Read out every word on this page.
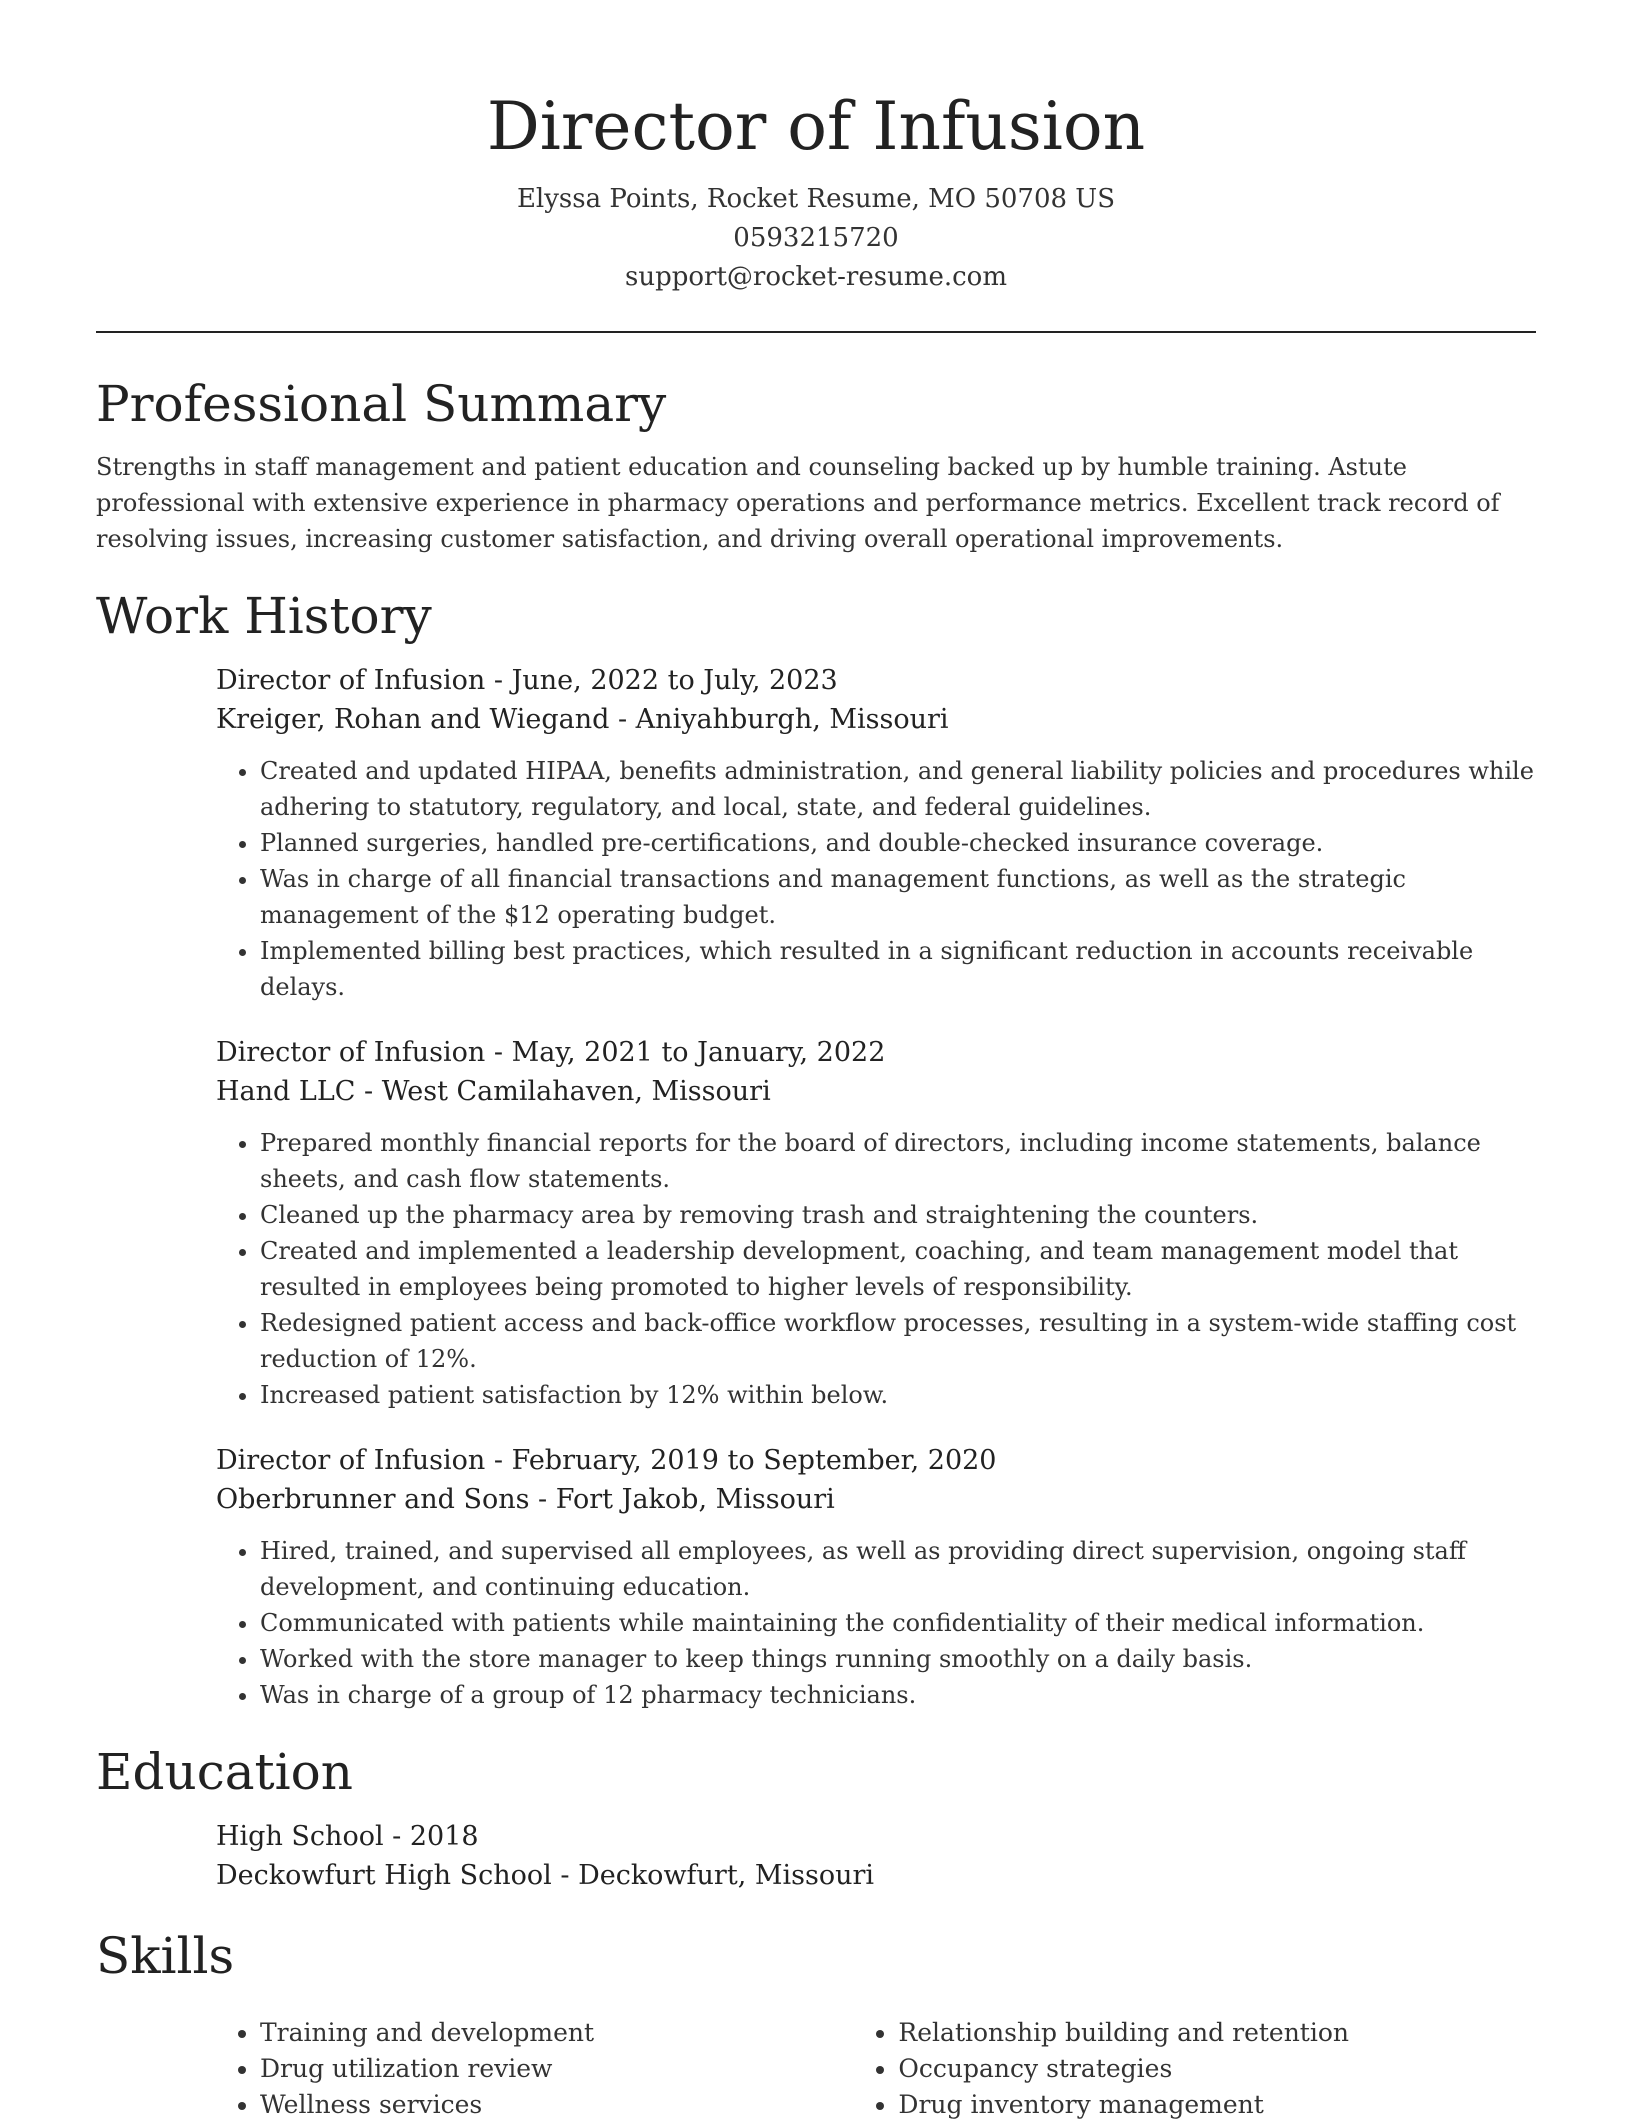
Director of Infusion
Elyssa Points, Rocket Resume, MO 50708 US
0593215720
support@rocket-resume.com
Professional Summary

Strengths in staff management and patient education and counseling backed up by humble training. Astute professional with extensive experience in pharmacy operations and performance metrics. Excellent track record of resolving issues, increasing customer satisfaction, and driving overall operational improvements.

Work History
Director of Infusion - June, 2022 to July, 2023
Kreiger, Rohan and Wiegand - Aniyahburgh, Missouri
• Created and updated HIPAA, benefits administration, and general liability policies and procedures while adhering to statutory, regulatory, and local, state, and federal guidelines.
• Planned surgeries, handled pre-certifications, and double-checked insurance coverage.
• Was in charge of all financial transactions and management functions, as well as the strategic management of the $12 operating budget.
• Implemented billing best practices, which resulted in a significant reduction in accounts receivable delays.
Director of Infusion - May, 2021 to January, 2022
Hand LLC - West Camilahaven, Missouri
• Prepared monthly financial reports for the board of directors, including income statements, balance sheets, and cash flow statements.
• Cleaned up the pharmacy area by removing trash and straightening the counters.
• Created and implemented a leadership development, coaching, and team management model that resulted in employees being promoted to higher levels of responsibility.
• Redesigned patient access and back-office workflow processes, resulting in a system-wide staffing cost reduction of 12%.
• Increased patient satisfaction by 12% within below.
Director of Infusion - February, 2019 to September, 2020
Oberbrunner and Sons - Fort Jakob, Missouri
• Hired, trained, and supervised all employees, as well as providing direct supervision, ongoing staff development, and continuing education.
• Communicated with patients while maintaining the confidentiality of their medical information.
• Worked with the store manager to keep things running smoothly on a daily basis.
• Was in charge of a group of 12 pharmacy technicians.
Education
High School - 2018
Deckowfurt High School - Deckowfurt, Missouri
Skills
• Training and development
• Drug utilization review
• Wellness services
• Relationship building and retention
• Occupancy strategies
• Drug inventory management
